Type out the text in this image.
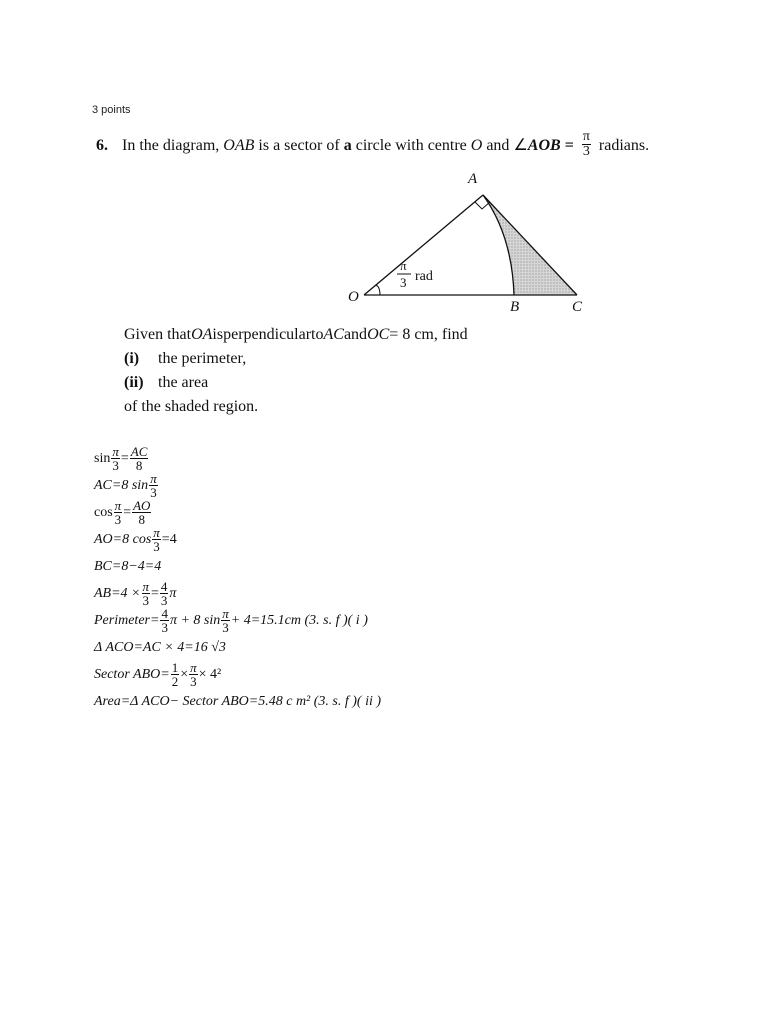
3 points
6. In the diagram, OAB is a sector of a circle with centre O and ∠AOB = $\frac{\pi}{3}$ radians.
A
O
B	C
π
3 rad
Given that OA is perpendicular to AC and OC = 8 cm, find
(i)	the perimeter,
(ii) the area
of the shaded region.
$\sin \frac{\pi}{3} = \frac{AC}{8}$
AC=8 $\sin \frac{\pi}{3}$
$\cos \frac{\pi}{3} = \frac{AO}{8}$
AO=8 $\cos \frac{\pi}{3} =4$
BC=8−4=4
$AB=4 \times \frac{\pi}{3} = \frac{4}{3}$ π
Perimeter= $\frac{4}{3}$ π + 8 $\sin \frac{\pi}{3} + 4=15.1cm$ (3. s. f )( i )
Δ ACO=AC × 4=16 √3
Sector $ABO= \frac{1}{2} \times \frac{\pi}{3} \times 4^2$
Area=Δ ACO− Sector ABO=5.48 c m² (3. s. f )( ii )
